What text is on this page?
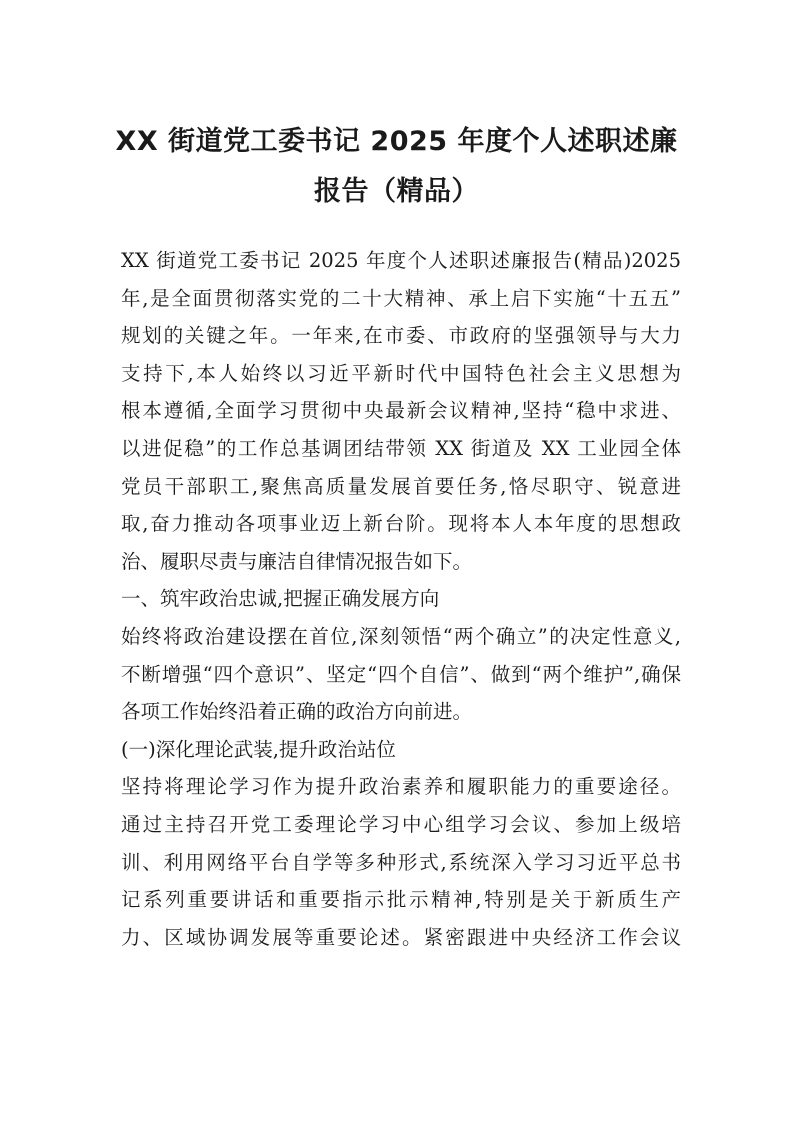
XX 街道党工委书记 2025 年度个人述职述廉
报告（精品）
XX 街道党工委书记 2025 年度个人述职述廉报告(精品)2025
年,是全面贯彻落实党的二十大精神、承上启下实施“十五五”
规划的关键之年。一年来,在市委、市政府的坚强领导与大力
支持下,本人始终以习近平新时代中国特色社会主义思想为
根本遵循,全面学习贯彻中央最新会议精神,坚持“稳中求进、
以进促稳”的工作总基调团结带领 XX 街道及 XX 工业园全体
党员干部职工,聚焦高质量发展首要任务,恪尽职守、锐意进
取,奋力推动各项事业迈上新台阶。现将本人本年度的思想政
治、履职尽责与廉洁自律情况报告如下。
一、筑牢政治忠诚,把握正确发展方向
始终将政治建设摆在首位,深刻领悟“两个确立”的决定性意义,
不断增强“四个意识”、坚定“四个自信”、做到“两个维护”,确保
各项工作始终沿着正确的政治方向前进。
(一)深化理论武装,提升政治站位
坚持将理论学习作为提升政治素养和履职能力的重要途径。
通过主持召开党工委理论学习中心组学习会议、参加上级培
训、利用网络平台自学等多种形式,系统深入学习习近平总书
记系列重要讲话和重要指示批示精神,特别是关于新质生产
力、区域协调发展等重要论述。紧密跟进中央经济工作会议
